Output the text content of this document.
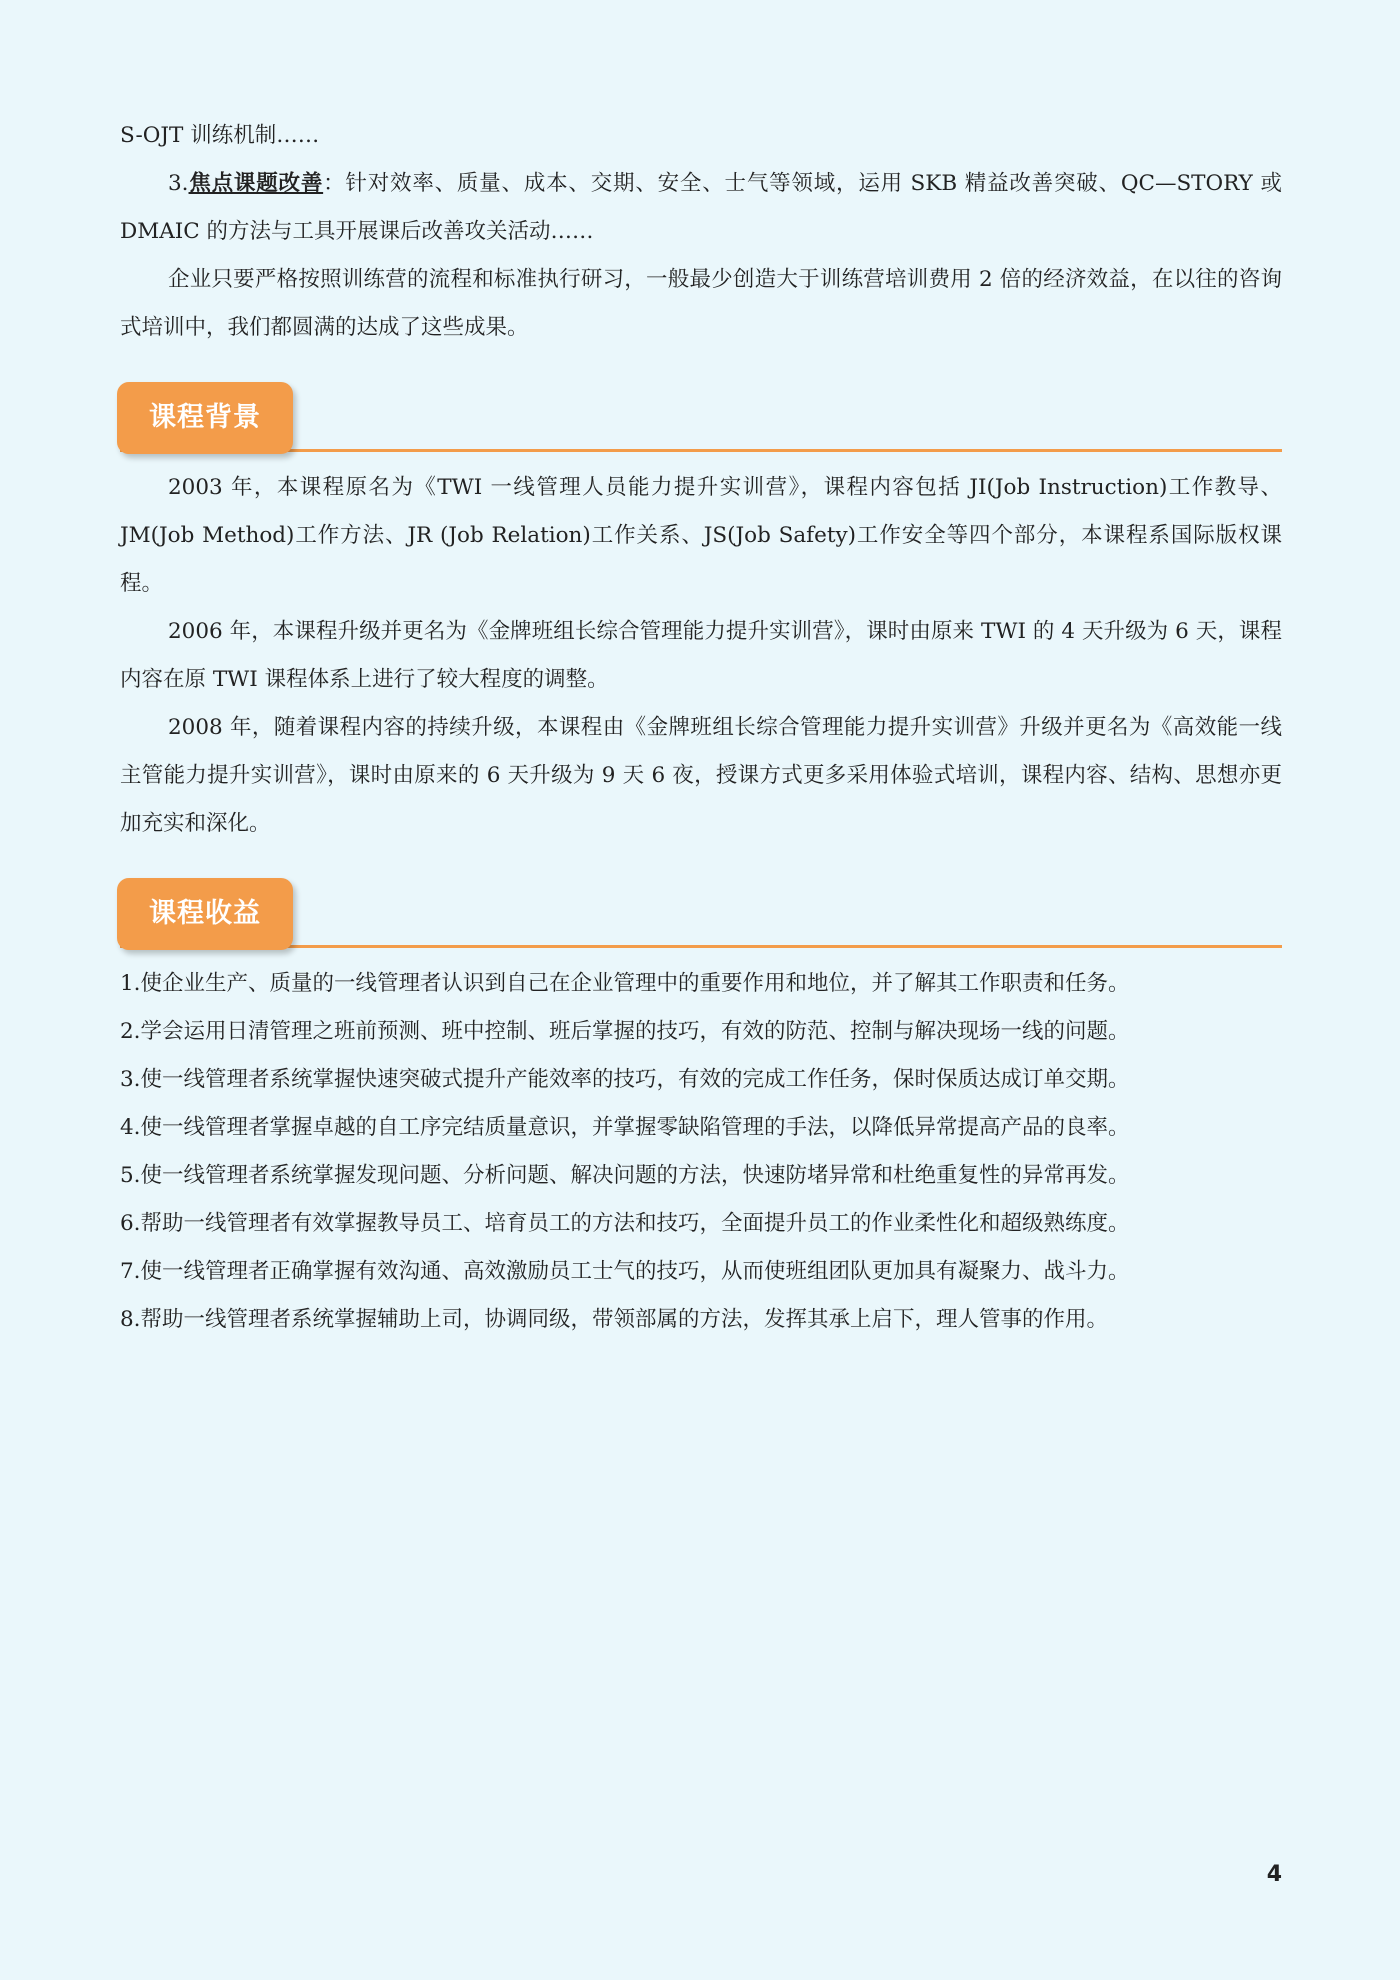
S-OJT 训练机制……

3.焦点课题改善：针对效率、质量、成本、交期、安全、士气等领域，运用 SKB 精益改善突破、QC—STORY 或 DMAIC 的方法与工具开展课后改善攻关活动……

企业只要严格按照训练营的流程和标准执行研习，一般最少创造大于训练营培训费用 2 倍的经济效益，在以往的咨询式培训中，我们都圆满的达成了这些成果。

课程背景

2003 年，本课程原名为《TWI 一线管理人员能力提升实训营》，课程内容包括 JI(Job Instruction)工作教导、JM(Job Method)工作方法、JR (Job Relation)工作关系、JS(Job Safety)工作安全等四个部分，本课程系国际版权课程。

2006 年，本课程升级并更名为《金牌班组长综合管理能力提升实训营》，课时由原来 TWI 的 4 天升级为 6 天，课程内容在原 TWI 课程体系上进行了较大程度的调整。

2008 年，随着课程内容的持续升级，本课程由《金牌班组长综合管理能力提升实训营》升级并更名为《高效能一线主管能力提升实训营》，课时由原来的 6 天升级为 9 天 6 夜，授课方式更多采用体验式培训，课程内容、结构、思想亦更加充实和深化。

课程收益
1.使企业生产、质量的一线管理者认识到自己在企业管理中的重要作用和地位，并了解其工作职责和任务。
2.学会运用日清管理之班前预测、班中控制、班后掌握的技巧，有效的防范、控制与解决现场一线的问题。
3.使一线管理者系统掌握快速突破式提升产能效率的技巧，有效的完成工作任务，保时保质达成订单交期。
4.使一线管理者掌握卓越的自工序完结质量意识，并掌握零缺陷管理的手法，以降低异常提高产品的良率。
5.使一线管理者系统掌握发现问题、分析问题、解决问题的方法，快速防堵异常和杜绝重复性的异常再发。
6.帮助一线管理者有效掌握教导员工、培育员工的方法和技巧，全面提升员工的作业柔性化和超级熟练度。
7.使一线管理者正确掌握有效沟通、高效激励员工士气的技巧，从而使班组团队更加具有凝聚力、战斗力。
8.帮助一线管理者系统掌握辅助上司，协调同级，带领部属的方法，发挥其承上启下，理人管事的作用。
4
